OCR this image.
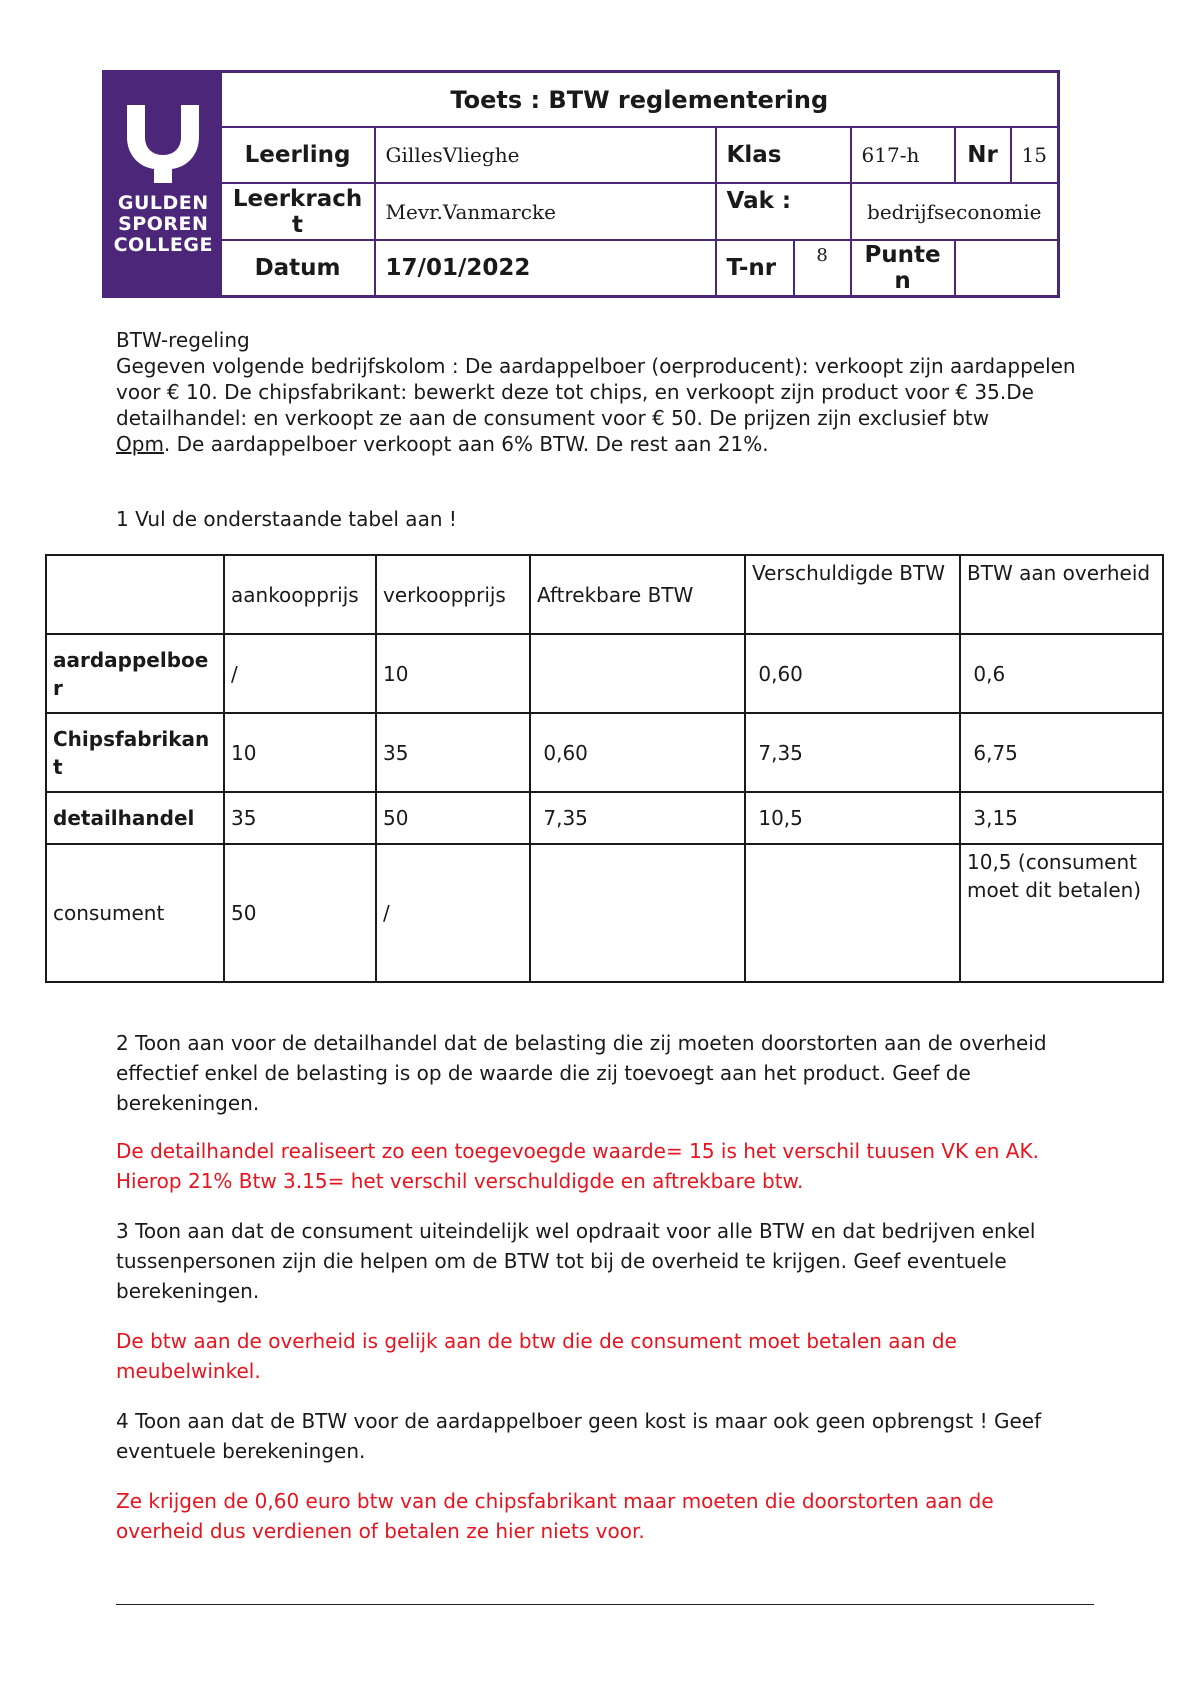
GULDEN
SPOREN
COLLEGE
Toets : BTW reglementering
Leerling	GillesVlieghe	Klas	617-h	Nr	15
Leerkracht	Mevr.Vanmarcke	Vak :	bedrijfseconomie
Datum	17/01/2022	T-nr	8	Punten
BTW-regeling
Gegeven volgende bedrijfskolom : De aardappelboer (oerproducent): verkoopt zijn aardappelen voor € 10. De chipsfabrikant: bewerkt deze tot chips, en verkoopt zijn product voor € 35.De detailhandel: en verkoopt ze aan de consument voor € 50. De prijzen zijn exclusief btw
Opm. De aardappelboer verkoopt aan 6% BTW. De rest aan 21%.
1 Vul de onderstaande tabel aan !
	aankoopprijs	verkoopprijs	Aftrekbare BTW	Verschuldigde BTW	BTW aan overheid
aardappelboer	/	10		0,60	0,6
Chipsfabrikant	10	35	0,60	7,35	6,75
detailhandel	35	50	7,35	10,5	3,15
consument	50	/			10,5 (consument moet dit betalen)
2 Toon aan voor de detailhandel dat de belasting die zij moeten doorstorten aan de overheid effectief enkel de belasting is op de waarde die zij toevoegt aan het product. Geef de berekeningen.
De detailhandel realiseert zo een toegevoegde waarde= 15 is het verschil tuusen VK en AK. Hierop 21% Btw 3.15= het verschil verschuldigde en aftrekbare btw.
3 Toon aan dat de consument uiteindelijk wel opdraait voor alle BTW en dat bedrijven enkel tussenpersonen zijn die helpen om de BTW tot bij de overheid te krijgen. Geef eventuele berekeningen.
De btw aan de overheid is gelijk aan de btw die de consument moet betalen aan de meubelwinkel.
4 Toon aan dat de BTW voor de aardappelboer geen kost is maar ook geen opbrengst ! Geef eventuele berekeningen.
Ze krijgen de 0,60 euro btw van de chipsfabrikant maar moeten die doorstorten aan de overheid dus verdienen of betalen ze hier niets voor.
